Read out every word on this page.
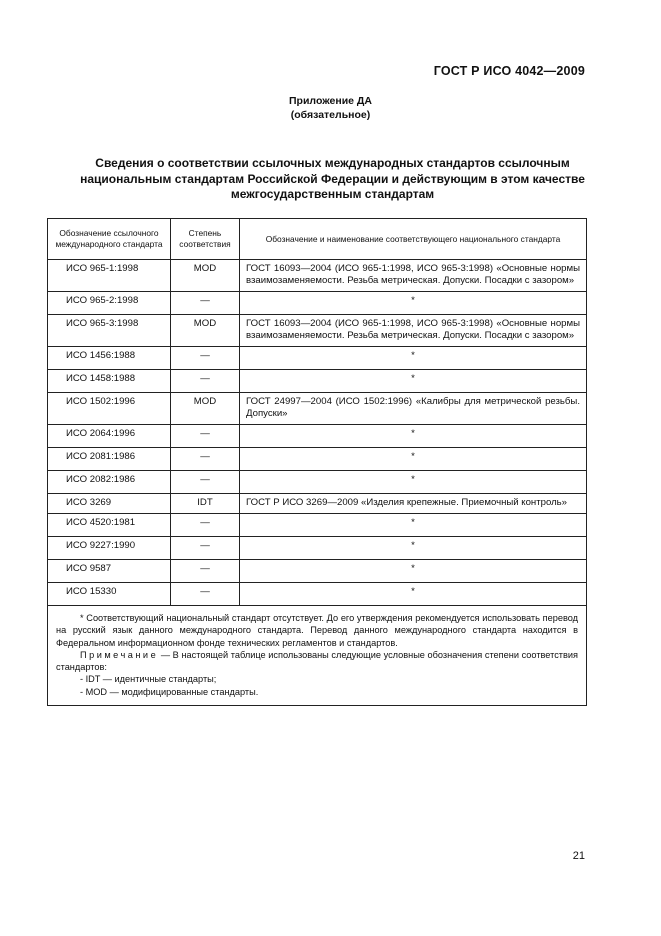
ГОСТ Р ИСО 4042—2009
Приложение ДА
(обязательное)
Сведения о соответствии ссылочных международных стандартов ссылочным национальным стандартам Российской Федерации и действующим в этом качестве межгосударственным стандартам
Обозначение ссылочного международного стандарта	Степень соответствия	Обозначение и наименование соответствующего национального стандарта
ИСО 965-1:1998	MOD	ГОСТ 16093—2004 (ИСО 965-1:1998, ИСО 965-3:1998) «Основные нормы взаимозаменяемости. Резьба метрическая. Допуски. Посадки с зазором»
ИСО 965-2:1998	—	*
ИСО 965-3:1998	MOD	ГОСТ 16093—2004 (ИСО 965-1:1998, ИСО 965-3:1998) «Основные нормы взаимозаменяемости. Резьба метрическая. Допуски. Посадки с зазором»
ИСО 1456:1988	—	*
ИСО 1458:1988	—	*
ИСО 1502:1996	MOD	ГОСТ 24997—2004 (ИСО 1502:1996) «Калибры для метрической резьбы. Допуски»
ИСО 2064:1996	—	*
ИСО 2081:1986	—	*
ИСО 2082:1986	—	*
ИСО 3269	IDT	ГОСТ Р ИСО 3269—2009 «Изделия крепежные. Приемочный контроль»
ИСО 4520:1981	—	*
ИСО 9227:1990	—	*
ИСО 9587	—	*
ИСО 15330	—	*

* Соответствующий национальный стандарт отсутствует. До его утверждения рекомендуется использовать перевод на русский язык данного международного стандарта. Перевод данного международного стандарта находится в Федеральном информационном фонде технических регламентов и стандартов.

Примечание — В настоящей таблице использованы следующие условные обозначения степени соответствия стандартов:

- IDT — идентичные стандарты;

- MOD — модифицированные стандарты.		

21
